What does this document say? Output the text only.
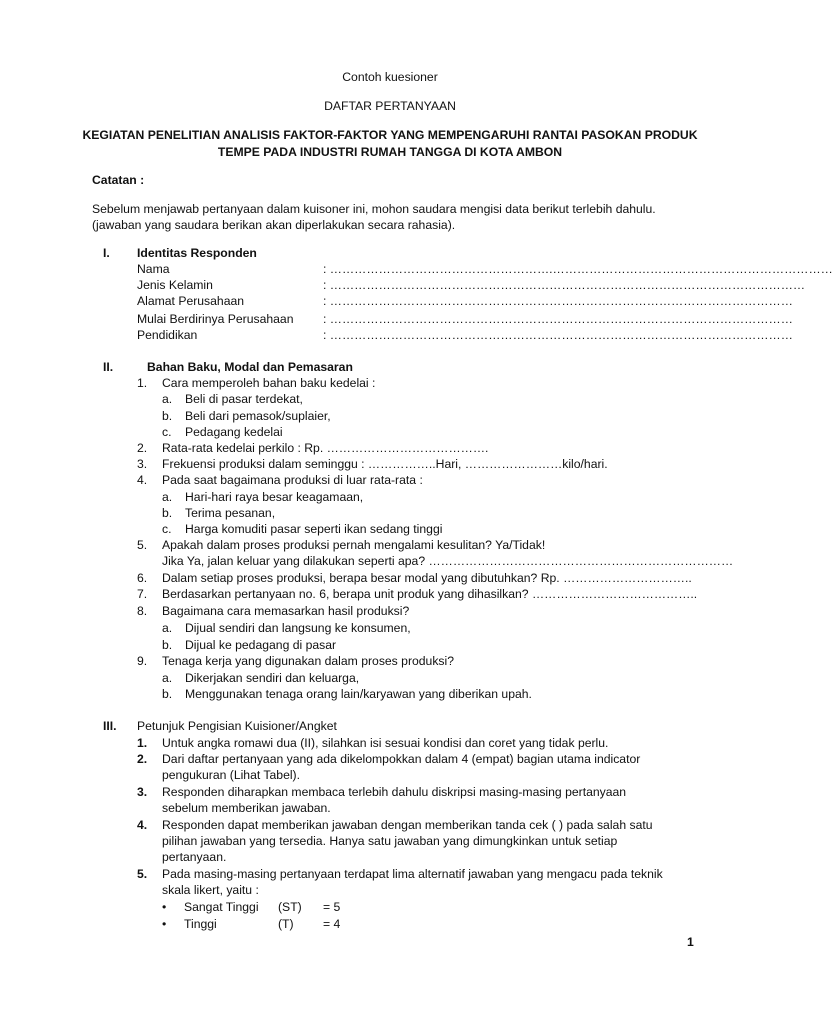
Contoh kuesioner
DAFTAR PERTANYAAN
KEGIATAN PENELITIAN ANALISIS FAKTOR-FAKTOR YANG MEMPENGARUHI RANTAI PASOKAN PRODUK
TEMPE PADA INDUSTRI RUMAH TANGGA DI KOTA AMBON
Catatan :
Sebelum menjawab pertanyaan dalam kuisoner ini, mohon saudara mengisi data berikut terlebih dahulu.
(jawaban yang saudara berikan akan diperlakukan secara rahasia).
I. Identitas Responden
Nama	: ……………………………………………….……………………………………………………………
Jenis Kelamin	: ………………………………………………………………………………………………………
Alamat Perusahaan	: ……………………………………………………………………………………………………
Mulai Berdirinya Perusahaan : ……………………………………………………………………………………………………
Pendidikan	: ……………………………………………………………………………………………………
II.	Bahan Baku, Modal dan Pemasaran
1. Cara memperoleh bahan baku kedelai :
a. Beli di pasar terdekat,
b. Beli dari pemasok/suplaier,
c. Pedagang kedelai
2. Rata-rata kedelai perkilo : Rp. ………………………………….
3. Frekuensi produksi dalam seminggu : ……………..Hari, ……………………kilo/hari.
4. Pada saat bagaimana produksi di luar rata-rata :
a. Hari-hari raya besar keagamaan,
b. Terima pesanan,
c. Harga komuditi pasar seperti ikan sedang tinggi
5. Apakah dalam proses produksi pernah mengalami kesulitan? Ya/Tidak!
Jika Ya, jalan keluar yang dilakukan seperti apa? …………………………………………………………………
6. Dalam setiap proses produksi, berapa besar modal yang dibutuhkan? Rp. …………………………..
7. Berdasarkan pertanyaan no. 6, berapa unit produk yang dihasilkan? …………………………………..
8. Bagaimana cara memasarkan hasil produksi?
a. Dijual sendiri dan langsung ke konsumen,
b. Dijual ke pedagang di pasar
9. Tenaga kerja yang digunakan dalam proses produksi?
a. Dikerjakan sendiri dan keluarga,
b. Menggunakan tenaga orang lain/karyawan yang diberikan upah.
III. Petunjuk Pengisian Kuisioner/Angket
1. Untuk angka romawi dua (II), silahkan isi sesuai kondisi dan coret yang tidak perlu.
2. Dari daftar pertanyaan yang ada dikelompokkan dalam 4 (empat) bagian utama indicator
pengukuran (Lihat Tabel).
3. Responden diharapkan membaca terlebih dahulu diskripsi masing-masing pertanyaan
sebelum memberikan jawaban.
4. Responden dapat memberikan jawaban dengan memberikan tanda cek ( ) pada salah satu
pilihan jawaban yang tersedia. Hanya satu jawaban yang dimungkinkan untuk setiap
pertanyaan.
5. Pada masing-masing pertanyaan terdapat lima alternatif jawaban yang mengacu pada teknik
skala likert, yaitu :
• Sangat Tinggi (ST) = 5
• Tinggi	(T) = 4
1
